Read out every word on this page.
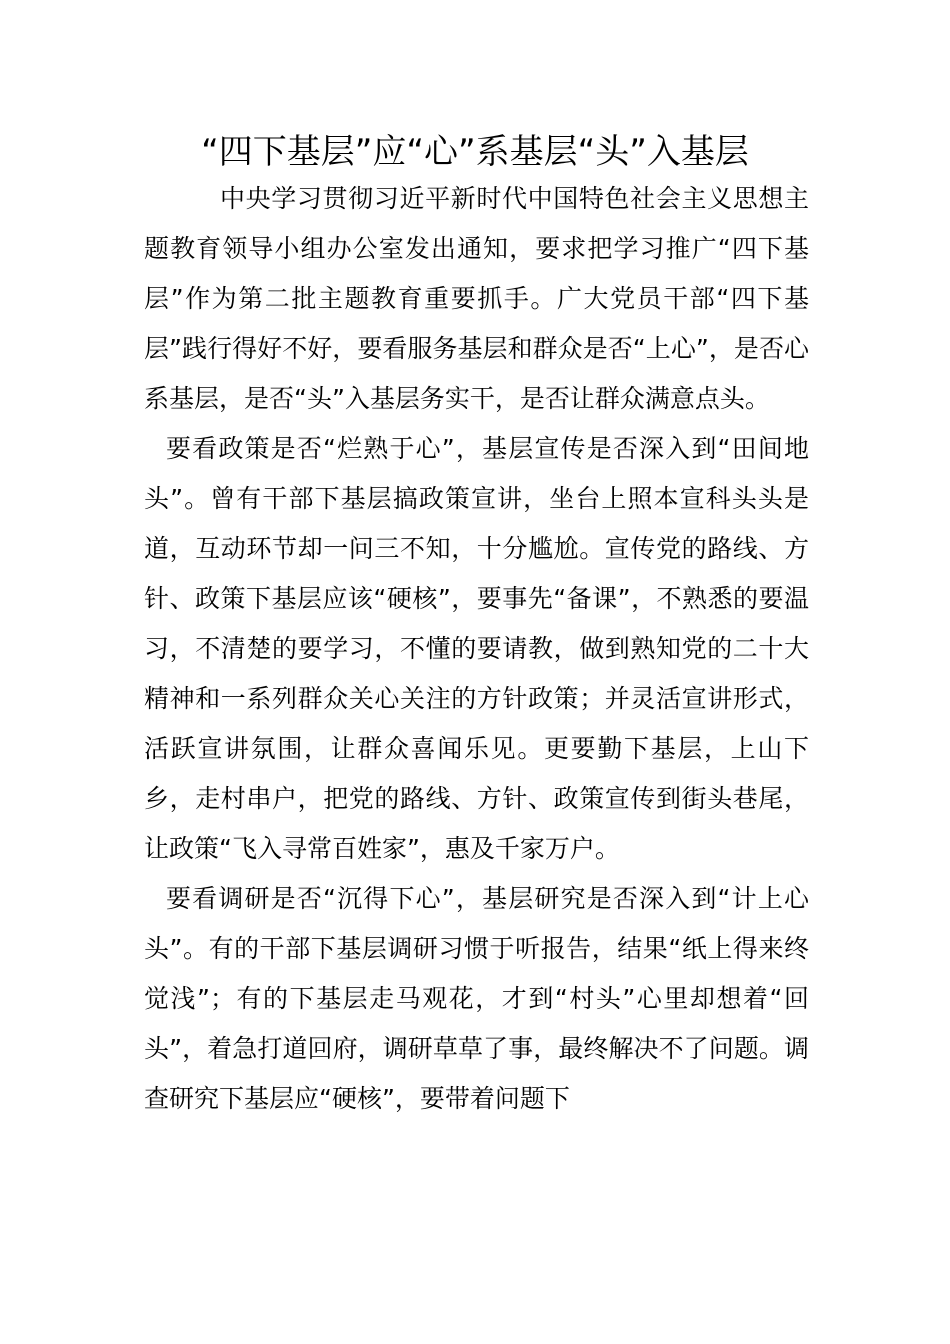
“四下基层”应“心”系基层“头”入基层

中央学习贯彻习近平新时代中国特色社会主义思想主题教育领导小组办公室发出通知，要求把学习推广“四下基层”作为第二批主题教育重要抓手。广大党员干部“四下基层”践行得好不好，要看服务基层和群众是否“上心”，是否心系基层，是否“头”入基层务实干，是否让群众满意点头。

要看政策是否“烂熟于心”，基层宣传是否深入到“田间地头”。曾有干部下基层搞政策宣讲，坐台上照本宣科头头是道，互动环节却一问三不知，十分尴尬。宣传党的路线、方针、政策下基层应该“硬核”，要事先“备课”，不熟悉的要温习，不清楚的要学习，不懂的要请教，做到熟知党的二十大精神和一系列群众关心关注的方针政策；并灵活宣讲形式，活跃宣讲氛围，让群众喜闻乐见。更要勤下基层，上山下乡，走村串户，把党的路线、方针、政策宣传到街头巷尾，让政策“飞入寻常百姓家”，惠及千家万户。

要看调研是否“沉得下心”，基层研究是否深入到“计上心头”。有的干部下基层调研习惯于听报告，结果“纸上得来终觉浅”；有的下基层走马观花，才到“村头”心里却想着“回头”，着急打道回府，调研草草了事，最终解决不了问题。调查研究下基层应“硬核”，要带着问题下
